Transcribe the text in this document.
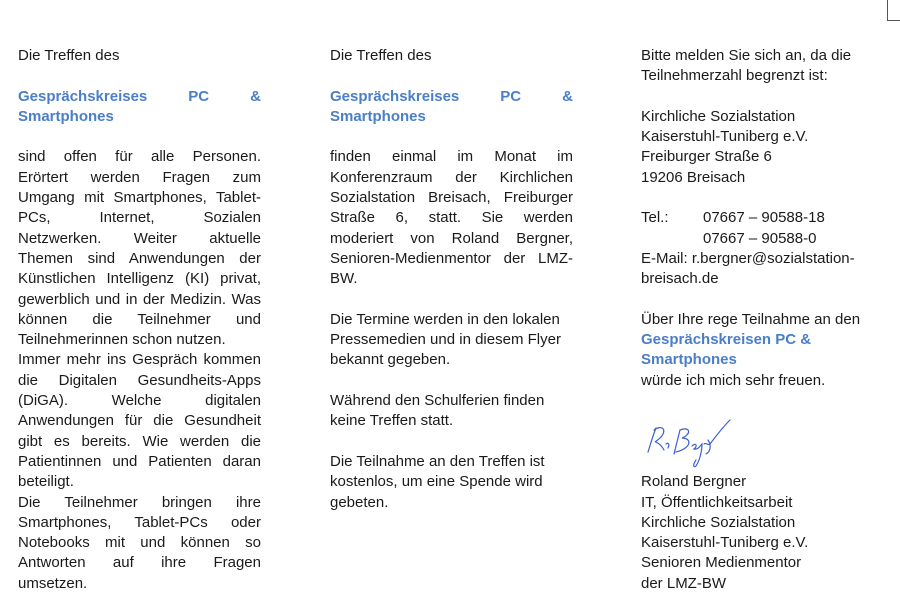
Die Treffen des
Gesprächskreises PC &
Smartphones
sind offen für alle Personen.
Erörtert werden Fragen zum
Umgang mit Smartphones, Tablet-
PCs, Internet, Sozialen
Netzwerken. Weiter aktuelle
Themen sind Anwendungen der
Künstlichen Intelligenz (KI) privat,
gewerblich und in der Medizin. Was
können die Teilnehmer und
Teilnehmerinnen schon nutzen.
Immer mehr ins Gespräch kommen
die Digitalen Gesundheits-Apps
(DiGA). Welche digitalen
Anwendungen für die Gesundheit
gibt es bereits. Wie werden die
Patientinnen und Patienten daran
beteiligt.
Die Teilnehmer bringen ihre
Smartphones, Tablet-PCs oder
Notebooks mit und können so
Antworten auf ihre Fragen
umsetzen.
Die Treffen des
Gesprächskreises PC &
Smartphones
finden einmal im Monat im
Konferenzraum der Kirchlichen
Sozialstation Breisach, Freiburger
Straße 6, statt. Sie werden
moderiert von Roland Bergner,
Senioren-Medienmentor der LMZ-
BW.
Die Termine werden in den lokalen
Pressemedien und in diesem Flyer
bekannt gegeben.
Während den Schulferien finden
keine Treffen statt.
Die Teilnahme an den Treffen ist
kostenlos, um eine Spende wird
gebeten.
Bitte melden Sie sich an, da die
Teilnehmerzahl begrenzt ist:
Kirchliche Sozialstation
Kaiserstuhl-Tuniberg e.V.
Freiburger Straße 6
19206 Breisach
Tel.: 07667 – 90588-18
07667 – 90588-0
E-Mail: r.bergner@sozialstation-
breisach.de
Über Ihre rege Teilnahme an den
Gesprächskreisen PC &
Smartphones
würde ich mich sehr freuen.
Roland Bergner
IT, Öffentlichkeitsarbeit
Kirchliche Sozialstation
Kaiserstuhl-Tuniberg e.V.
Senioren Medienmentor
der LMZ-BW
